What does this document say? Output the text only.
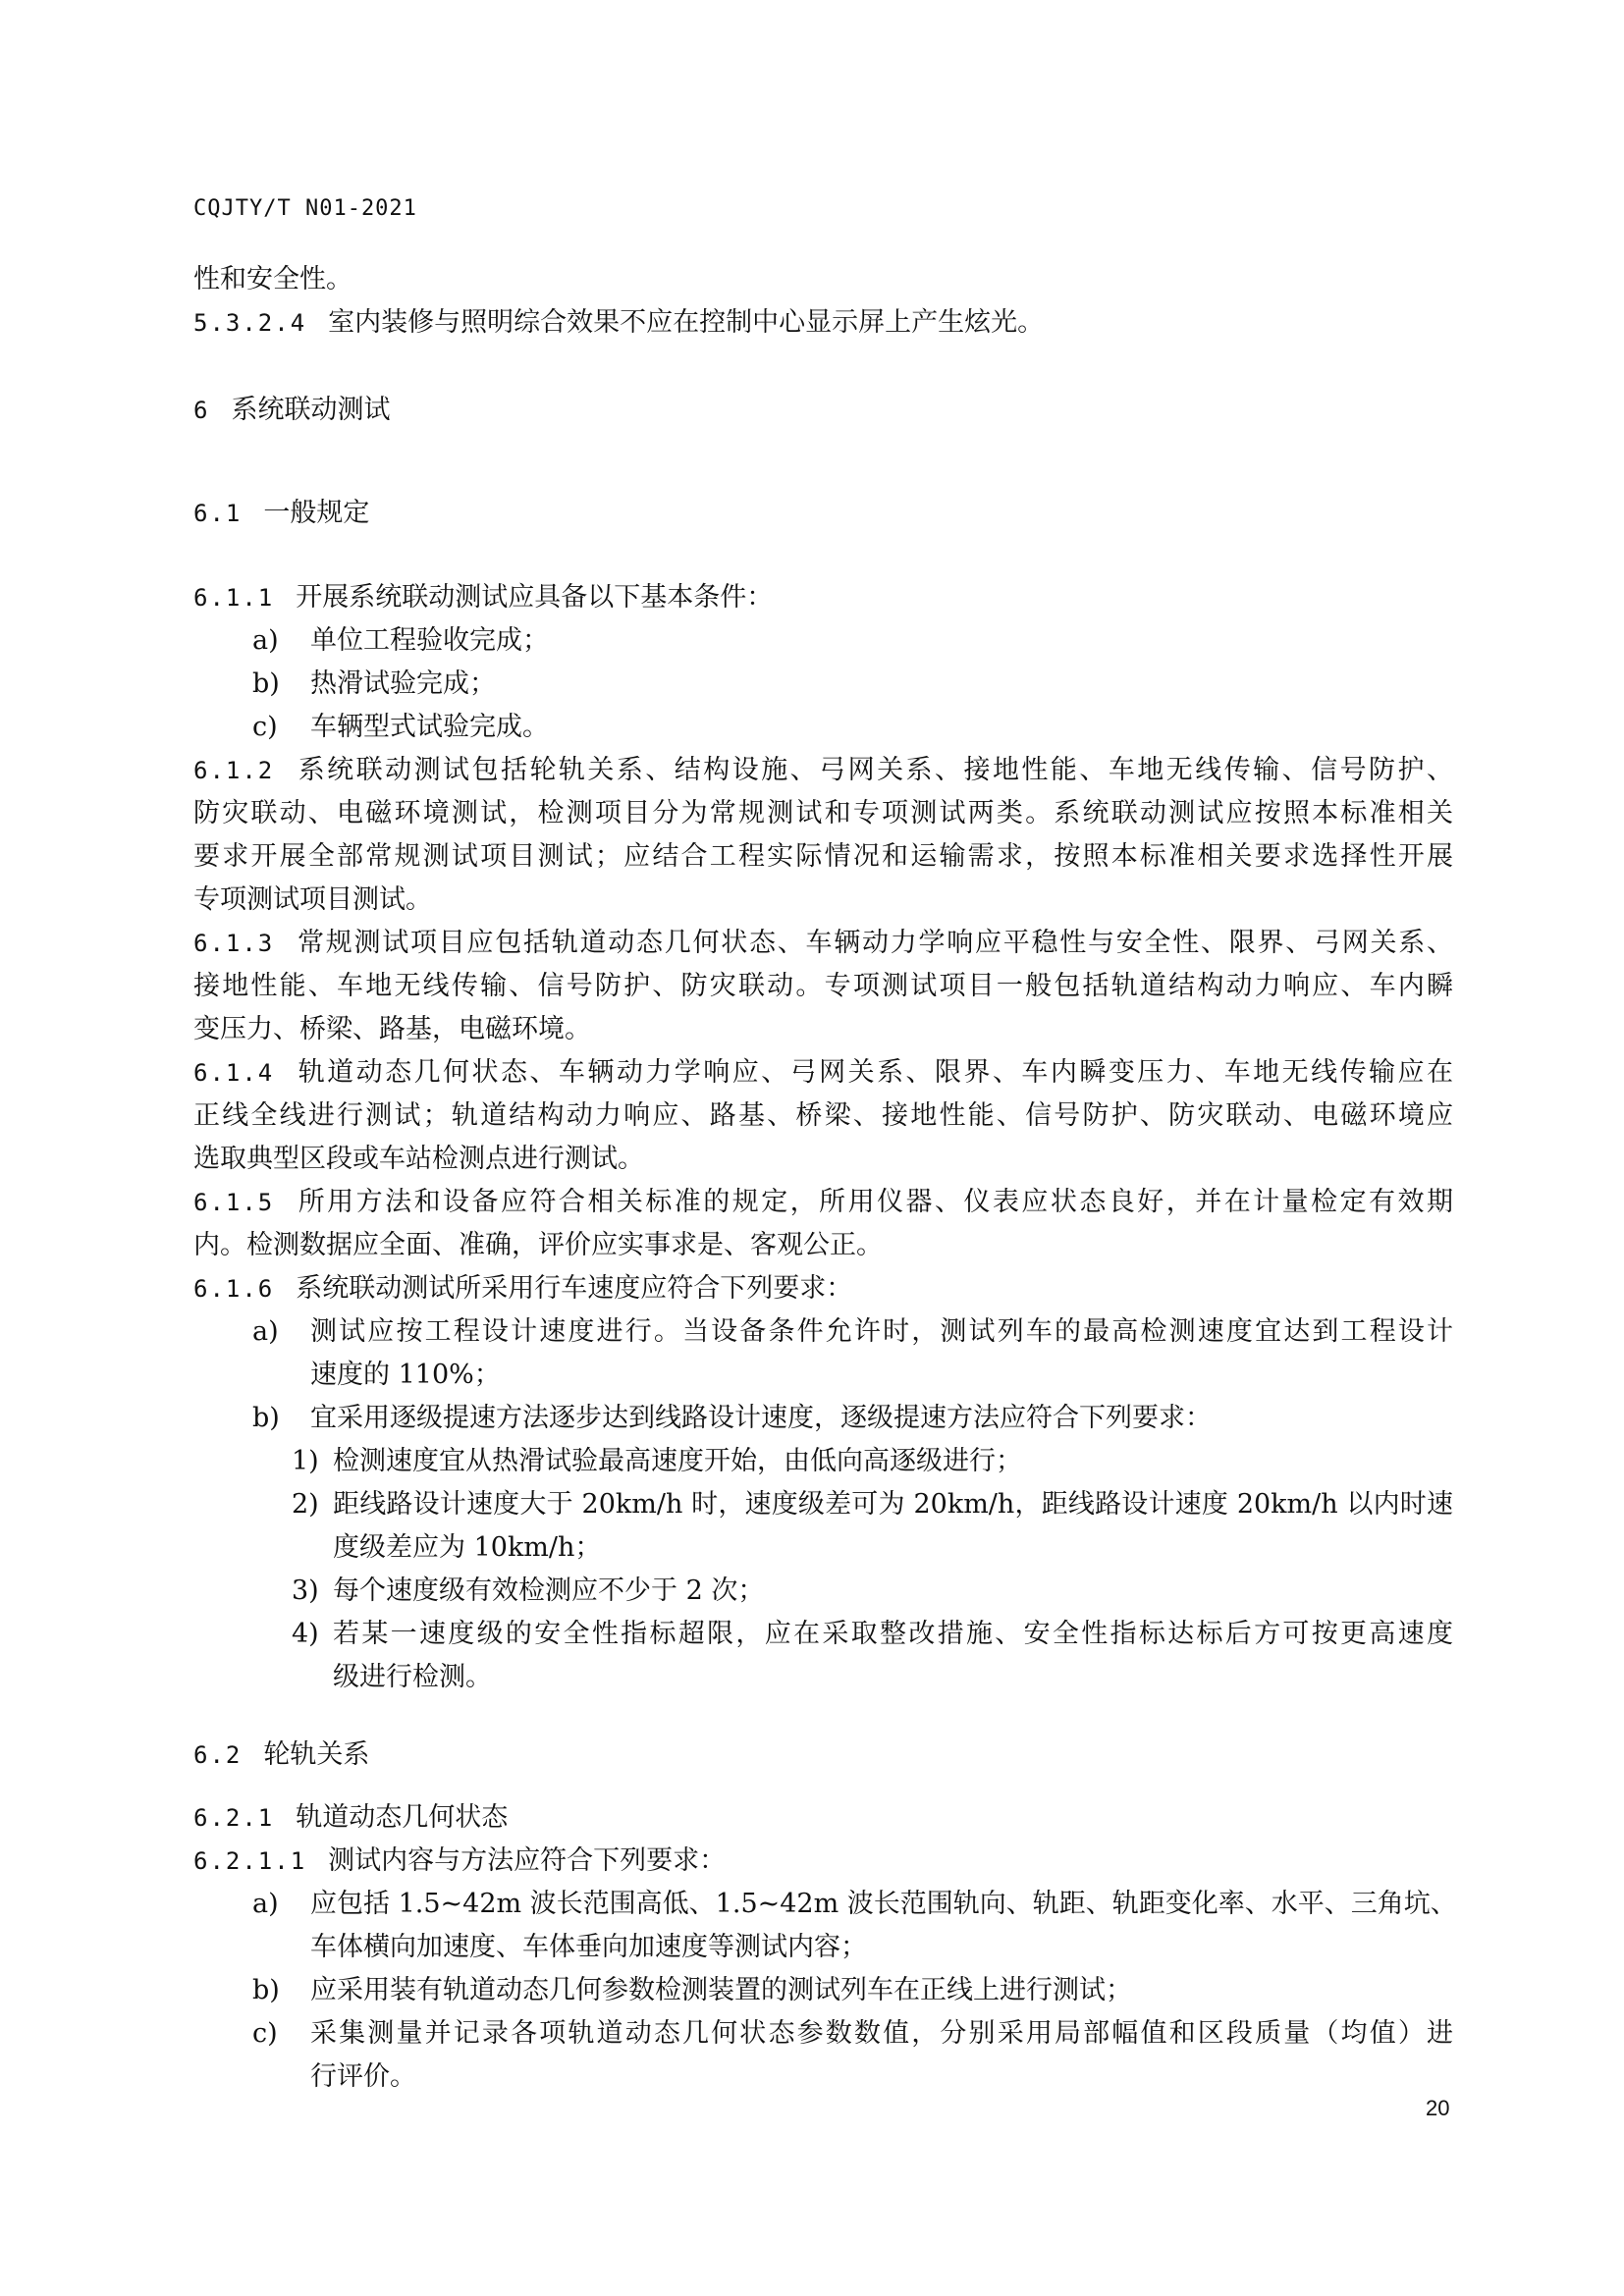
CQJTY/T N01-2021
性和安全性。
5.3.2.4 室内装修与照明综合效果不应在控制中心显示屏上产生炫光。
6 系统联动测试
6.1 一般规定
6.1.1 开展系统联动测试应具备以下基本条件：
a) 单位工程验收完成；
b) 热滑试验完成；
c) 车辆型式试验完成。
6.1.2 系统联动测试包括轮轨关系、结构设施、弓网关系、接地性能、车地无线传输、信号防护、
防灾联动、电磁环境测试，检测项目分为常规测试和专项测试两类。系统联动测试应按照本标准相关
要求开展全部常规测试项目测试；应结合工程实际情况和运输需求，按照本标准相关要求选择性开展
专项测试项目测试。
6.1.3 常规测试项目应包括轨道动态几何状态、车辆动力学响应平稳性与安全性、限界、弓网关系、
接地性能、车地无线传输、信号防护、防灾联动。专项测试项目一般包括轨道结构动力响应、车内瞬
变压力、桥梁、路基，电磁环境。
6.1.4 轨道动态几何状态、车辆动力学响应、弓网关系、限界、车内瞬变压力、车地无线传输应在
正线全线进行测试；轨道结构动力响应、路基、桥梁、接地性能、信号防护、防灾联动、电磁环境应
选取典型区段或车站检测点进行测试。
6.1.5 所用方法和设备应符合相关标准的规定，所用仪器、仪表应状态良好，并在计量检定有效期
内。检测数据应全面、准确，评价应实事求是、客观公正。
6.1.6 系统联动测试所采用行车速度应符合下列要求：
a) 测试应按工程设计速度进行。当设备条件允许时，测试列车的最高检测速度宜达到工程设计
速度的 110%；
b) 宜采用逐级提速方法逐步达到线路设计速度，逐级提速方法应符合下列要求：
1) 检测速度宜从热滑试验最高速度开始，由低向高逐级进行；
2) 距线路设计速度大于 20km/h 时，速度级差可为 20km/h，距线路设计速度 20km/h 以内时速
度级差应为 10km/h；
3) 每个速度级有效检测应不少于 2 次；
4) 若某一速度级的安全性指标超限，应在采取整改措施、安全性指标达标后方可按更高速度
级进行检测。
6.2 轮轨关系
6.2.1 轨道动态几何状态
6.2.1.1 测试内容与方法应符合下列要求：
a) 应包括 1.5~42m 波长范围高低、1.5~42m 波长范围轨向、轨距、轨距变化率、水平、三角坑、
车体横向加速度、车体垂向加速度等测试内容；
b) 应采用装有轨道动态几何参数检测装置的测试列车在正线上进行测试；
c) 采集测量并记录各项轨道动态几何状态参数数值，分别采用局部幅值和区段质量（均值）进
行评价。
20
